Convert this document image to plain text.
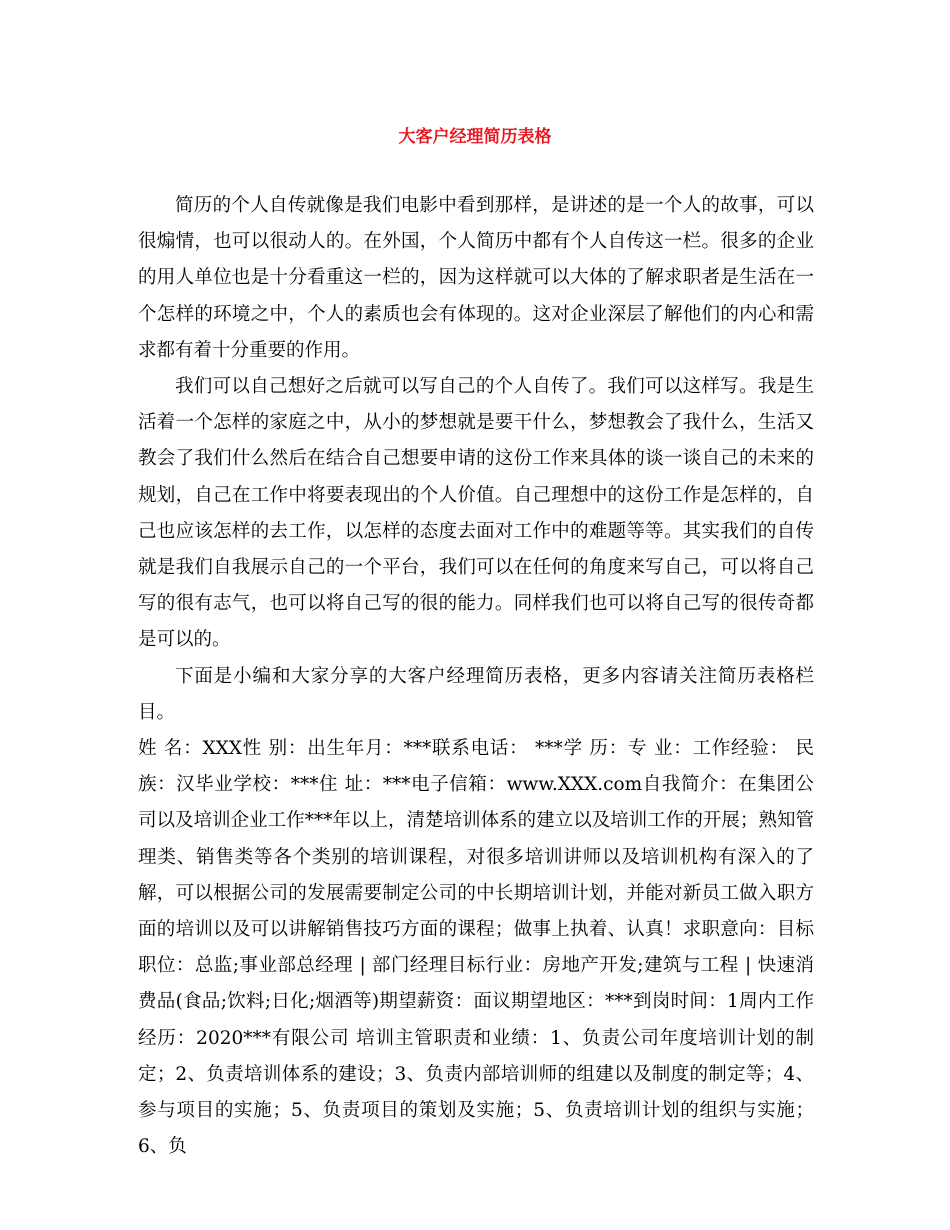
大客户经理简历表格

简历的个人自传就像是我们电影中看到那样，是讲述的是一个人的故事，可以很煽情，也可以很动人的。在外国，个人简历中都有个人自传这一栏。很多的企业的用人单位也是十分看重这一栏的，因为这样就可以大体的了解求职者是生活在一个怎样的环境之中，个人的素质也会有体现的。这对企业深层了解他们的内心和需求都有着十分重要的作用。

我们可以自己想好之后就可以写自己的个人自传了。我们可以这样写。我是生活着一个怎样的家庭之中，从小的梦想就是要干什么，梦想教会了我什么，生活又教会了我们什么然后在结合自己想要申请的这份工作来具体的谈一谈自己的未来的规划，自己在工作中将要表现出的个人价值。自己理想中的这份工作是怎样的，自己也应该怎样的去工作，以怎样的态度去面对工作中的难题等等。其实我们的自传就是我们自我展示自己的一个平台，我们可以在任何的角度来写自己，可以将自己写的很有志气，也可以将自己写的很的能力。同样我们也可以将自己写的很传奇都是可以的。

下面是小编和大家分享的大客户经理简历表格，更多内容请关注简历表格栏目。

姓 名：XXX性 别：出生年月：***联系电话： ***学 历：专 业：工作经验： 民族：汉毕业学校：***住 址：***电子信箱：www.XXX.com自我简介：在集团公司以及培训企业工作***年以上，清楚培训体系的建立以及培训工作的开展；熟知管理类、销售类等各个类别的培训课程，对很多培训讲师以及培训机构有深入的了解，可以根据公司的发展需要制定公司的中长期培训计划，并能对新员工做入职方面的培训以及可以讲解销售技巧方面的课程；做事上执着、认真！求职意向：目标职位：总监;事业部总经理 | 部门经理目标行业：房地产开发;建筑与工程 | 快速消费品(食品;饮料;日化;烟酒等)期望薪资：面议期望地区：***到岗时间：1周内工作经历：2020***有限公司 培训主管职责和业绩：1、负责公司年度培训计划的制定；2、负责培训体系的建设；3、负责内部培训师的组建以及制度的制定等；4、参与项目的实施；5、负责项目的策划及实施；5、负责培训计划的组织与实施；6、负
